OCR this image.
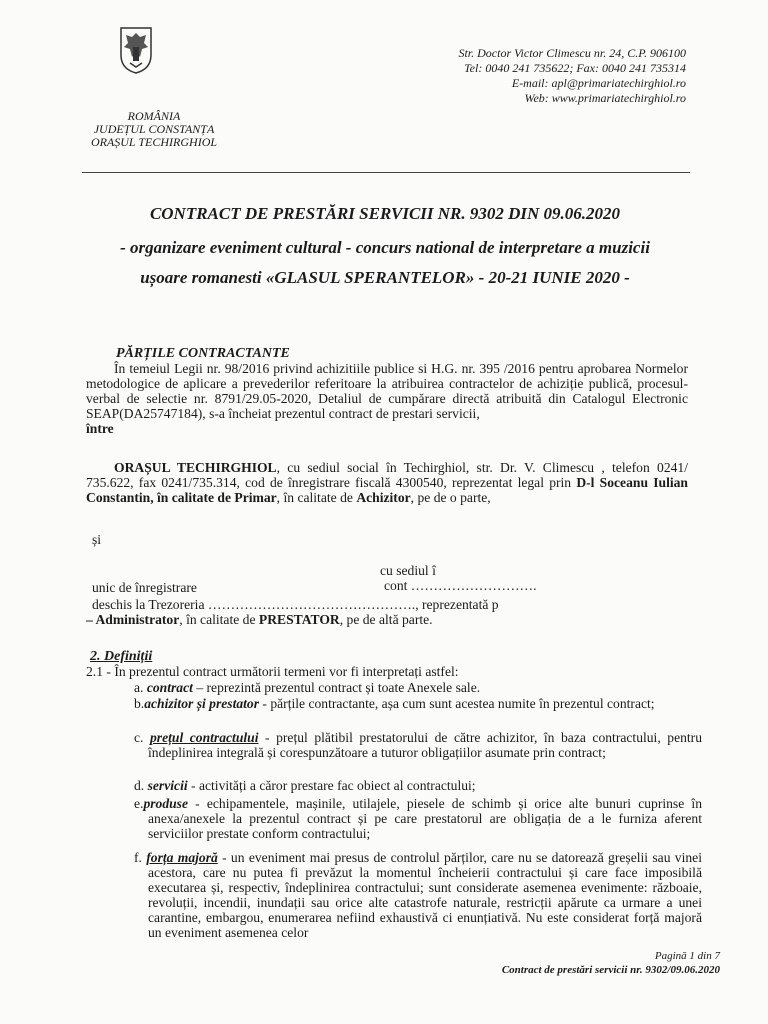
ROMÂNIA
JUDEȚUL CONSTANȚA
ORAȘUL TECHIRGHIOL
Str. Doctor Victor Climescu nr. 24, C.P. 906100
Tel: 0040 241 735622; Fax: 0040 241 735314
E-mail: apl@primariatechirghiol.ro
Web: www.primariatechirghiol.ro
CONTRACT DE PRESTĂRI SERVICII NR. 9302 DIN 09.06.2020
- organizare eveniment cultural - concurs national de interpretare a muzicii
ușoare romanesti «GLASUL SPERANTELOR» - 20-21 IUNIE 2020 -
PĂRȚILE CONTRACTANTE
În temeiul Legii nr. 98/2016 privind achizitiile publice si H.G. nr. 395 /2016 pentru aprobarea Normelor metodologice de aplicare a prevederilor referitoare la atribuirea contractelor de achiziție publică, procesul-verbal de selectie nr. 8791/29.05-2020, Detaliul de cumpărare directă atribuită din Catalogul Electronic SEAP(DA25747184), s-a încheiat prezentul contract de prestari servicii,
între
ORAȘUL TECHIRGHIOL, cu sediul social în Techirghiol, str. Dr. V. Climescu , telefon 0241/ 735.622, fax 0241/735.314, cod de înregistrare fiscală 4300540, reprezentat legal prin D-l Soceanu Iulian Constantin, în calitate de Primar, în calitate de Achizitor, pe de o parte,
și
cu sediul î
unic de înregistrare	cont ……………………….
deschis la Trezoreria ………………………………………., reprezentată p
– Administrator, în calitate de PRESTATOR, pe de altă parte.
2. Definiții
2.1 - În prezentul contract următorii termeni vor fi interpretați astfel:
a. contract – reprezintă prezentul contract și toate Anexele sale.
b.achizitor și prestator - părțile contractante, așa cum sunt acestea numite în prezentul contract;
c. prețul contractului - prețul plătibil prestatorului de către achizitor, în baza contractului, pentru îndeplinirea integrală și corespunzătoare a tuturor obligațiilor asumate prin contract;
d. servicii - activități a căror prestare fac obiect al contractului;
e.produse - echipamentele, mașinile, utilajele, piesele de schimb și orice alte bunuri cuprinse în anexa/anexele la prezentul contract și pe care prestatorul are obligația de a le furniza aferent serviciilor prestate conform contractului;
f. forța majoră - un eveniment mai presus de controlul părților, care nu se datorează greșelii sau vinei acestora, care nu putea fi prevăzut la momentul încheierii contractului și care face imposibilă executarea și, respectiv, îndeplinirea contractului; sunt considerate asemenea evenimente: războaie, revoluții, incendii, inundații sau orice alte catastrofe naturale, restricții apărute ca urmare a unei carantine, embargou, enumerarea nefiind exhaustivă ci enunțiativă. Nu este considerat forță majoră un eveniment asemenea celor
Pagină 1 din 7
Contract de prestări servicii nr. 9302/09.06.2020
